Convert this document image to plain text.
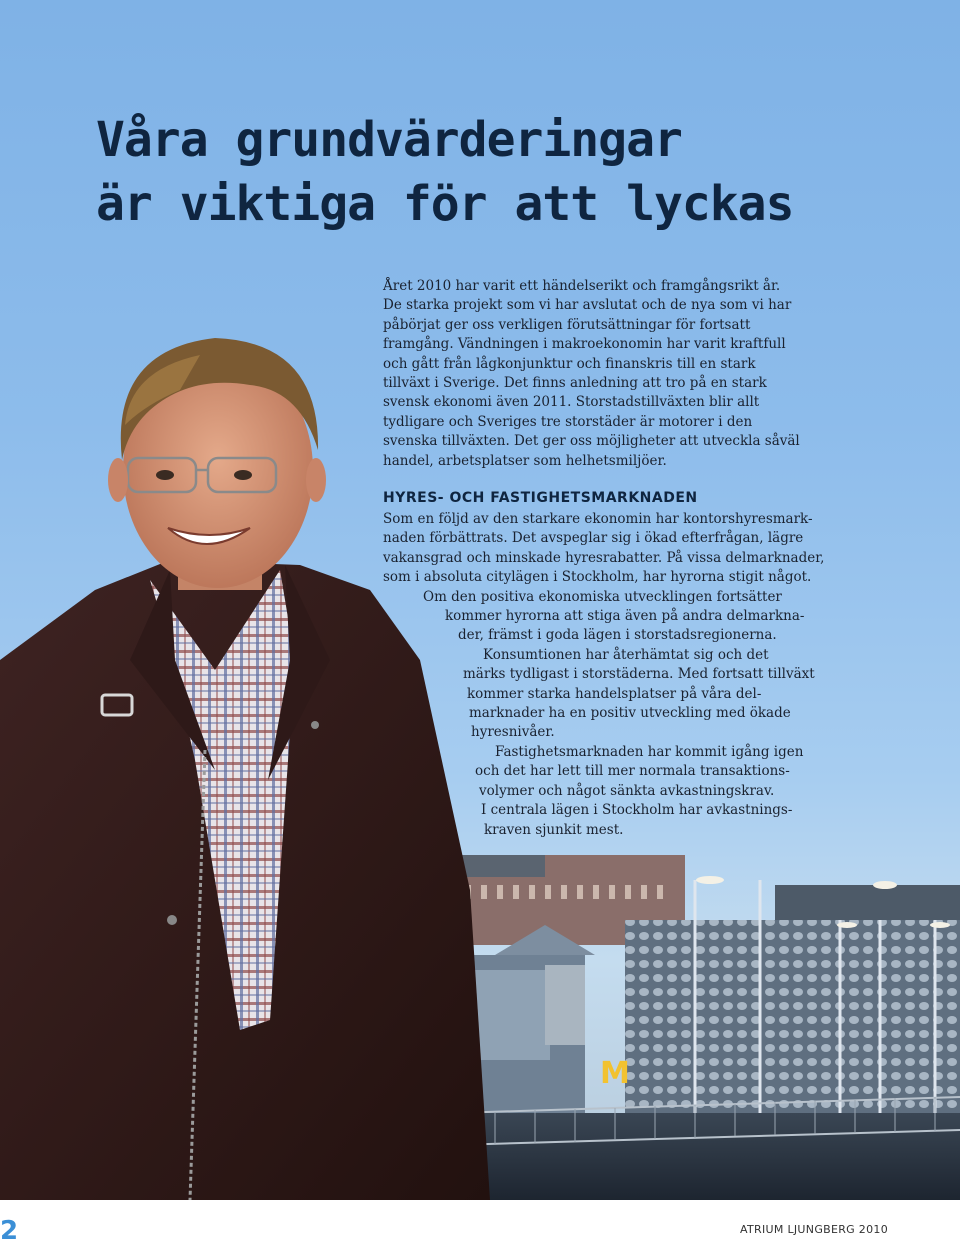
M
Våra grundvärderingar
är viktiga för att lyckas

Året 2010 har varit ett händelserikt och framgångsrikt år. De starka projekt som vi har avslutat och de nya som vi har påbörjat ger oss verkligen förutsättningar för fortsatt framgång. Vändningen i makroekonomin har varit kraftfull och gått från lågkonjunktur och finanskris till en stark tillväxt i Sverige. Det finns anledning att tro på en stark svensk ekonomi även 2011. Storstadstillväxten blir allt tydligare och Sveriges tre storstäder är motorer i den svenska tillväxten. Det ger oss möjligheter att utveckla såväl handel, arbetsplatser som helhetsmiljöer.

HYRES- OCH FASTIGHETSMARKNADEN
Som en följd av den starkare ekonomin har kontorshyresmark-
naden förbättrats. Det avspeglar sig i ökad efterfrågan, lägre
vakansgrad och minskade hyresrabatter. På vissa delmarknader,
som i absoluta citylägen i Stockholm, har hyrorna stigit något.
Om den positiva ekonomiska utvecklingen fortsätter
kommer hyrorna att stiga även på andra delmarkna-
der, främst i goda lägen i storstadsregionerna.
Konsumtionen har återhämtat sig och det
märks tydligast i storstäderna. Med fortsatt tillväxt
kommer starka handelsplatser på våra del-
marknader ha en positiv utveckling med ökade
hyresnivåer.
Fastighetsmarknaden har kommit igång igen
och det har lett till mer normala transaktions-
volymer och något sänkta avkastningskrav.
I centrala lägen i Stockholm har avkastnings-
kraven sjunkit mest.

2	ATRIUM LJUNGBERG 2010
